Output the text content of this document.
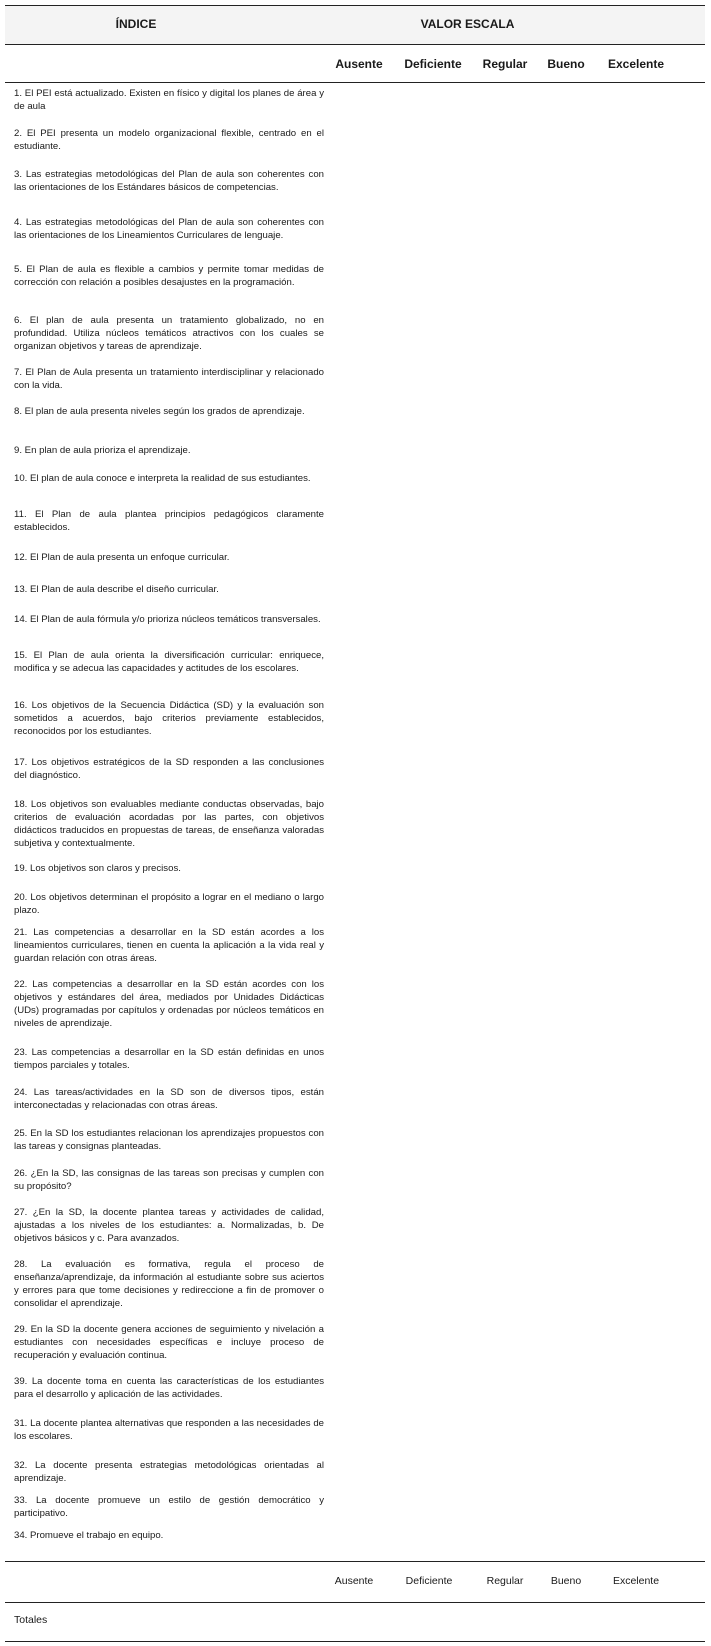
ÍNDICE	VALOR ESCALA
Ausente	Deficiente	Regular	Bueno	Excelente
1. El PEI está actualizado. Existen en físico y digital los planes de área y de aula
2. El PEI presenta un modelo organizacional flexible, centrado en el estudiante.
3. Las estrategias metodológicas del Plan de aula son coherentes con las orientaciones de los Estándares básicos de competencias.
4. Las estrategias metodológicas del Plan de aula son coherentes con las orientaciones de los Lineamientos Curriculares de lenguaje.
5. El Plan de aula es flexible a cambios y permite tomar medidas de corrección con relación a posibles desajustes en la programación.
6. El plan de aula presenta un tratamiento globalizado, no en profundidad. Utiliza núcleos temáticos atractivos con los cuales se organizan objetivos y tareas de aprendizaje.
7. El Plan de Aula presenta un tratamiento interdisciplinar y relacionado con la vida.
8. El plan de aula presenta niveles según los grados de aprendizaje.
9. En plan de aula prioriza el aprendizaje.
10. El plan de aula conoce e interpreta la realidad de sus estudiantes.
11. El Plan de aula plantea principios pedagógicos claramente establecidos.
12. El Plan de aula presenta un enfoque curricular.
13. El Plan de aula describe el diseño curricular.
14. El Plan de aula fórmula y/o prioriza núcleos temáticos transversales.
15. El Plan de aula orienta la diversificación curricular: enriquece, modifica y se adecua las capacidades y actitudes de los escolares.
16. Los objetivos de la Secuencia Didáctica (SD) y la evaluación son sometidos a acuerdos, bajo criterios previamente establecidos, reconocidos por los estudiantes.
17. Los objetivos estratégicos de la SD responden a las conclusiones del diagnóstico.
18. Los objetivos son evaluables mediante conductas observadas, bajo criterios de evaluación acordadas por las partes, con objetivos didácticos traducidos en propuestas de tareas, de enseñanza valoradas subjetiva y contextualmente.
19. Los objetivos son claros y precisos.
20. Los objetivos determinan el propósito a lograr en el mediano o largo plazo.
21. Las competencias a desarrollar en la SD están acordes a los lineamientos curriculares, tienen en cuenta la aplicación a la vida real y guardan relación con otras áreas.
22. Las competencias a desarrollar en la SD están acordes con los objetivos y estándares del área, mediados por Unidades Didácticas (UDs) programadas por capítulos y ordenadas por núcleos temáticos en niveles de aprendizaje.
23. Las competencias a desarrollar en la SD están definidas en unos tiempos parciales y totales.
24. Las tareas/actividades en la SD son de diversos tipos, están interconectadas y relacionadas con otras áreas.
25. En la SD los estudiantes relacionan los aprendizajes propuestos con las tareas y consignas planteadas.
26. ¿En la SD, las consignas de las tareas son precisas y cumplen con su propósito?
27. ¿En la SD, la docente plantea tareas y actividades de calidad, ajustadas a los niveles de los estudiantes: a. Normalizadas, b. De objetivos básicos y c. Para avanzados.
28. La evaluación es formativa, regula el proceso de enseñanza/aprendizaje, da información al estudiante sobre sus aciertos y errores para que tome decisiones y redireccione a fin de promover o consolidar el aprendizaje.
29. En la SD la docente genera acciones de seguimiento y nivelación a estudiantes con necesidades específicas e incluye proceso de recuperación y evaluación continua.
39. La docente toma en cuenta las características de los estudiantes para el desarrollo y aplicación de las actividades.
31. La docente plantea alternativas que responden a las necesidades de los escolares.
32. La docente presenta estrategias metodológicas orientadas al aprendizaje.
33. La docente promueve un estilo de gestión democrático y participativo.
34. Promueve el trabajo en equipo.
Ausente	Deficiente	Regular	Bueno	Excelente
Totales
